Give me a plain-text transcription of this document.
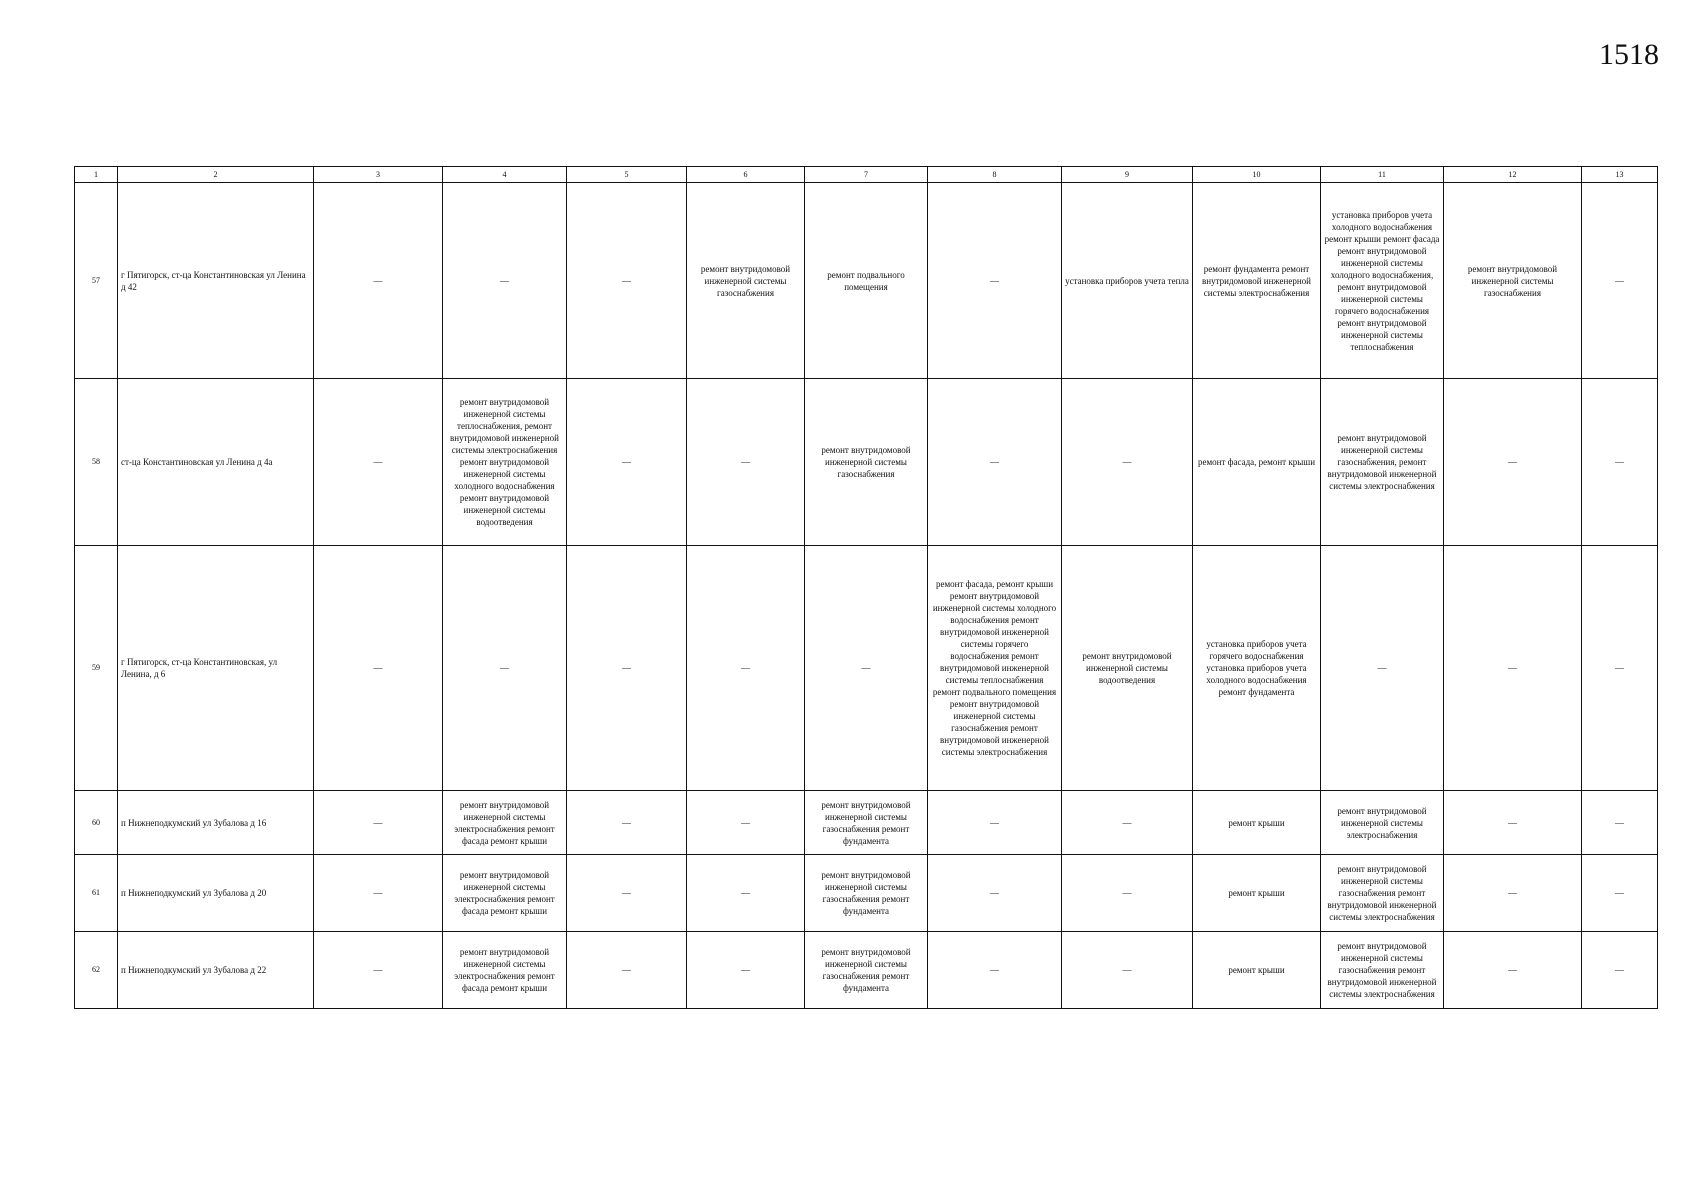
1518
1	2	3	4	5	6	7	8	9	10	11	12	13
57	г Пятигорск, ст-ца Константиновская ул Ленина д 42	—	—	—	ремонт внутридомовой инженерной системы газоснабжения	ремонт подвального помещения	—	установка приборов учета тепла	ремонт фундамента ремонт внутридомовой инженерной системы электроснабжения	установка приборов учета холодного водоснабжения ремонт крыши ремонт фасада ремонт внутридомовой инженерной системы холодного водоснабжения, ремонт внутридомовой инженерной системы горячего водоснабжения ремонт внутридомовой инженерной системы теплоснабжения	ремонт внутридомовой инженерной системы газоснабжения	—
58	ст-ца Константиновская ул Ленина д 4а	—	ремонт внутридомовой инженерной системы теплоснабжения, ремонт внутридомовой инженерной системы электроснабжения ремонт внутридомовой инженерной системы холодного водоснабжения ремонт внутридомовой инженерной системы водоотведения	—	—	ремонт внутридомовой инженерной системы газоснабжения	—	—	ремонт фасада, ремонт крыши	ремонт внутридомовой инженерной системы газоснабжения, ремонт внутридомовой инженерной системы электроснабжения	—	—
59	г Пятигорск, ст-ца Константиновская, ул Ленина, д 6	—	—	—	—	—	ремонт фасада, ремонт крыши ремонт внутридомовой инженерной системы холодного водоснабжения ремонт внутридомовой инженерной системы горячего водоснабжения ремонт внутридомовой инженерной системы теплоснабжения ремонт подвального помещения ремонт внутридомовой инженерной системы газоснабжения ремонт внутридомовой инженерной системы электроснабжения	ремонт внутридомовой инженерной системы водоотведения	установка приборов учета горячего водоснабжения установка приборов учета холодного водоснабжения ремонт фундамента	—	—	—
60	п Нижнеподкумский ул Зубалова д 16	—	ремонт внутридомовой инженерной системы электроснабжения ремонт фасада ремонт крыши	—	—	ремонт внутридомовой инженерной системы газоснабжения ремонт фундамента	—	—	ремонт крыши	ремонт внутридомовой инженерной системы электроснабжения	—	—
61	п Нижнеподкумский ул Зубалова д 20	—	ремонт внутридомовой инженерной системы электроснабжения ремонт фасада ремонт крыши	—	—	ремонт внутридомовой инженерной системы газоснабжения ремонт фундамента	—	—	ремонт крыши	ремонт внутридомовой инженерной системы газоснабжения ремонт внутридомовой инженерной системы электроснабжения	—	—
62	п Нижнеподкумский ул Зубалова д 22	—	ремонт внутридомовой инженерной системы электроснабжения ремонт фасада ремонт крыши	—	—	ремонт внутридомовой инженерной системы газоснабжения ремонт фундамента	—	—	ремонт крыши	ремонт внутридомовой инженерной системы газоснабжения ремонт внутридомовой инженерной системы электроснабжения	—	—
